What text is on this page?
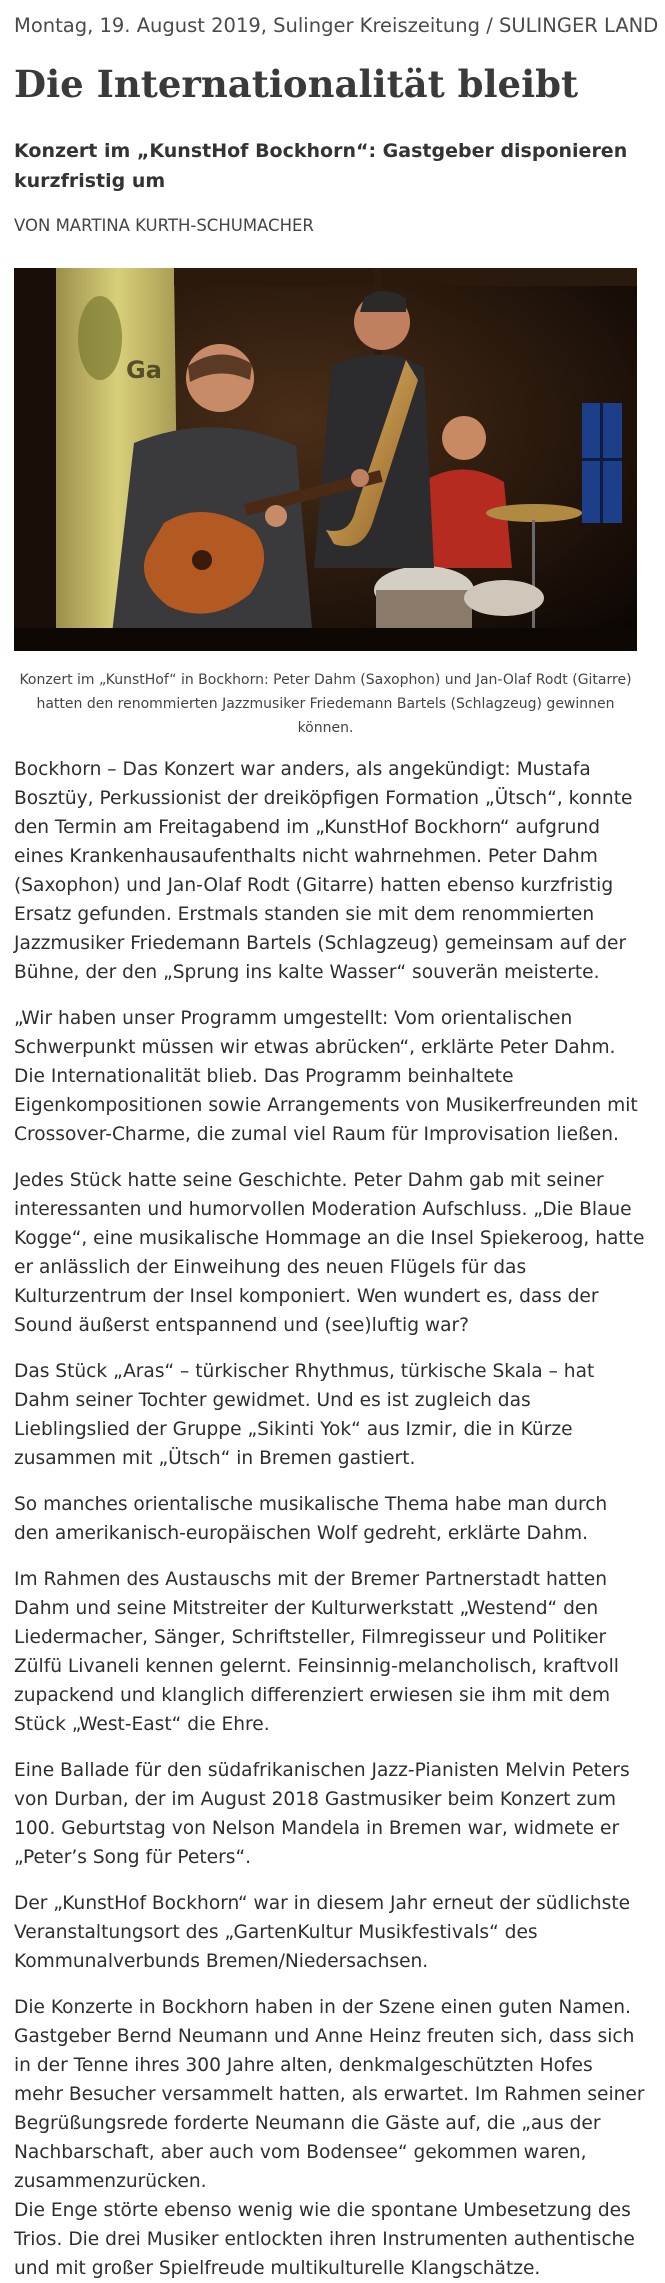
Montag, 19. August 2019, Sulinger Kreiszeitung / SULINGER LAND
Die Internationalität bleibt
Konzert im „KunstHof Bockhorn“: Gastgeber disponieren kurzfristig um
VON MARTINA KURTH-SCHUMACHER
Ga
Konzert im „KunstHof“ in Bockhorn: Peter Dahm (Saxophon) und Jan-Olaf Rodt (Gitarre) hatten den renommierten Jazzmusiker Friedemann Bartels (Schlagzeug) gewinnen können.

Bockhorn – Das Konzert war anders, als angekündigt: Mustafa Bosztüy, Perkussionist der dreiköpfigen Formation „Ütsch“, konnte den Termin am Freitagabend im „KunstHof Bockhorn“ aufgrund eines Krankenhausaufenthalts nicht wahrnehmen. Peter Dahm (Saxophon) und Jan-Olaf Rodt (Gitarre) hatten ebenso kurzfristig Ersatz gefunden. Erstmals standen sie mit dem renommierten Jazzmusiker Friedemann Bartels (Schlagzeug) gemeinsam auf der Bühne, der den „Sprung ins kalte Wasser“ souverän meisterte.

„Wir haben unser Programm umgestellt: Vom orientalischen Schwerpunkt müssen wir etwas abrücken“, erklärte Peter Dahm. Die Internationalität blieb. Das Programm beinhaltete Eigenkompositionen sowie Arrangements von Musikerfreunden mit Crossover-Charme, die zumal viel Raum für Improvisation ließen.

Jedes Stück hatte seine Geschichte. Peter Dahm gab mit seiner interessanten und humorvollen Moderation Aufschluss. „Die Blaue Kogge“, eine musikalische Hommage an die Insel Spiekeroog, hatte er anlässlich der Einweihung des neuen Flügels für das Kulturzentrum der Insel komponiert. Wen wundert es, dass der Sound äußerst entspannend und (see)luftig war?

Das Stück „Aras“ – türkischer Rhythmus, türkische Skala – hat Dahm seiner Tochter gewidmet. Und es ist zugleich das Lieblingslied der Gruppe „Sikinti Yok“ aus Izmir, die in Kürze zusammen mit „Ütsch“ in Bremen gastiert.

So manches orientalische musikalische Thema habe man durch den amerikanisch-europäischen Wolf gedreht, erklärte Dahm.

Im Rahmen des Austauschs mit der Bremer Partnerstadt hatten Dahm und seine Mitstreiter der Kulturwerkstatt „Westend“ den Liedermacher, Sänger, Schriftsteller, Filmregisseur und Politiker Zülfü Livaneli kennen gelernt. Feinsinnig-melancholisch, kraftvoll zupackend und klanglich differenziert erwiesen sie ihm mit dem Stück „West-East“ die Ehre.

Eine Ballade für den südafrikanischen Jazz-Pianisten Melvin Peters von Durban, der im August 2018 Gastmusiker beim Konzert zum 100. Geburtstag von Nelson Mandela in Bremen war, widmete er „Peter’s Song für Peters“.

Der „KunstHof Bockhorn“ war in diesem Jahr erneut der südlichste Veranstaltungsort des „GartenKultur Musikfestivals“ des Kommunalverbunds Bremen/Niedersachsen.

Die Konzerte in Bockhorn haben in der Szene einen guten Namen. Gastgeber Bernd Neumann und Anne Heinz freuten sich, dass sich in der Tenne ihres 300 Jahre alten, denkmalgeschützten Hofes mehr Besucher versammelt hatten, als erwartet. Im Rahmen seiner Begrüßungsrede forderte Neumann die Gäste auf, die „aus der Nachbarschaft, aber auch vom Bodensee“ gekommen waren, zusammenzurücken.

Die Enge störte ebenso wenig wie die spontane Umbesetzung des Trios. Die drei Musiker entlockten ihren Instrumenten authentische und mit großer Spielfreude multikulturelle Klangschätze.
